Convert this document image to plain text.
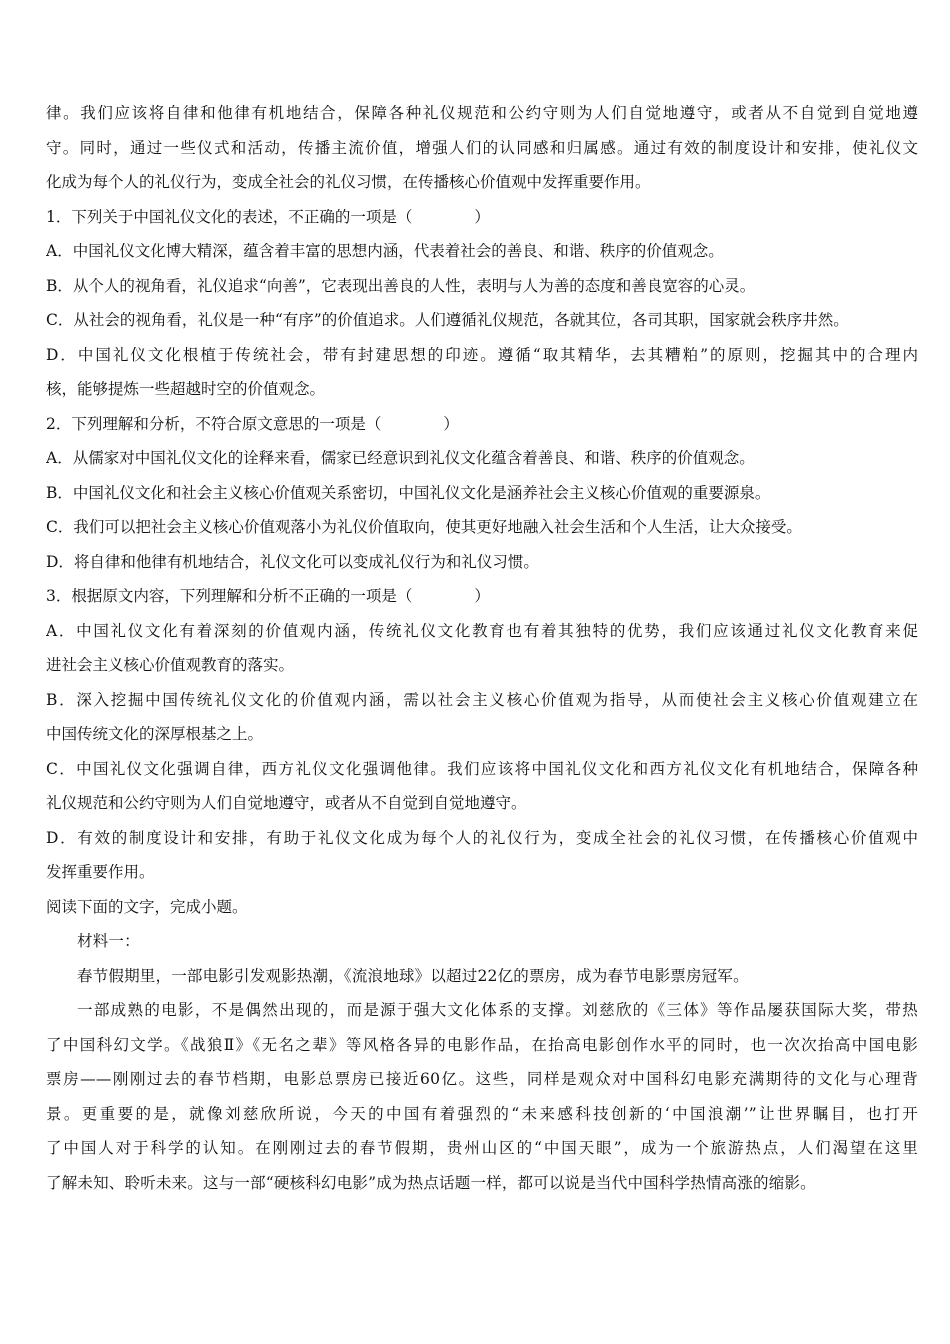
律。我们应该将自律和他律有机地结合，保障各种礼仪规范和公约守则为人们自觉地遵守，或者从不自觉到自觉地遵
守。同时，通过一些仪式和活动，传播主流价值，增强人们的认同感和归属感。通过有效的制度设计和安排，使礼仪文
化成为每个人的礼仪行为，变成全社会的礼仪习惯，在传播核心价值观中发挥重要作用。
1．下列关于中国礼仪文化的表述，不正确的一项是（	）
A．中国礼仪文化博大精深，蕴含着丰富的思想内涵，代表着社会的善良、和谐、秩序的价值观念。
B．从个人的视角看，礼仪追求“向善”，它表现出善良的人性，表明与人为善的态度和善良宽容的心灵。
C．从社会的视角看，礼仪是一种“有序”的价值追求。人们遵循礼仪规范，各就其位，各司其职，国家就会秩序井然。
D．中国礼仪文化根植于传统社会，带有封建思想的印迹。遵循“取其精华，去其糟粕”的原则，挖掘其中的合理内
核，能够提炼一些超越时空的价值观念。
2．下列理解和分析，不符合原文意思的一项是（	）
A．从儒家对中国礼仪文化的诠释来看，儒家已经意识到礼仪文化蕴含着善良、和谐、秩序的价值观念。
B．中国礼仪文化和社会主义核心价值观关系密切，中国礼仪文化是涵养社会主义核心价值观的重要源泉。
C．我们可以把社会主义核心价值观落小为礼仪价值取向，使其更好地融入社会生活和个人生活，让大众接受。
D．将自律和他律有机地结合，礼仪文化可以变成礼仪行为和礼仪习惯。
3．根据原文内容，下列理解和分析不正确的一项是（	）
A．中国礼仪文化有着深刻的价值观内涵，传统礼仪文化教育也有着其独特的优势，我们应该通过礼仪文化教育来促
进社会主义核心价值观教育的落实。
B．深入挖掘中国传统礼仪文化的价值观内涵，需以社会主义核心价值观为指导，从而使社会主义核心价值观建立在
中国传统文化的深厚根基之上。
C．中国礼仪文化强调自律，西方礼仪文化强调他律。我们应该将中国礼仪文化和西方礼仪文化有机地结合，保障各种
礼仪规范和公约守则为人们自觉地遵守，或者从不自觉到自觉地遵守。
D．有效的制度设计和安排，有助于礼仪文化成为每个人的礼仪行为，变成全社会的礼仪习惯，在传播核心价值观中
发挥重要作用。
阅读下面的文字，完成小题。
材料一：
春节假期里，一部电影引发观影热潮，《流浪地球》以超过22亿的票房，成为春节电影票房冠军。
一部成熟的电影，不是偶然出现的，而是源于强大文化体系的支撑。刘慈欣的《三体》等作品屡获国际大奖，带热
了中国科幻文学。《战狼Ⅱ》《无名之辈》等风格各异的电影作品，在抬高电影创作水平的同时，也一次次抬高中国电影
票房——刚刚过去的春节档期，电影总票房已接近60亿。这些，同样是观众对中国科幻电影充满期待的文化与心理背
景。更重要的是，就像刘慈欣所说，今天的中国有着强烈的“未来感科技创新的‘中国浪潮’”让世界瞩目，也打开
了中国人对于科学的认知。在刚刚过去的春节假期，贵州山区的“中国天眼”，成为一个旅游热点，人们渴望在这里
了解未知、聆听未来。这与一部“硬核科幻电影”成为热点话题一样，都可以说是当代中国科学热情高涨的缩影。
